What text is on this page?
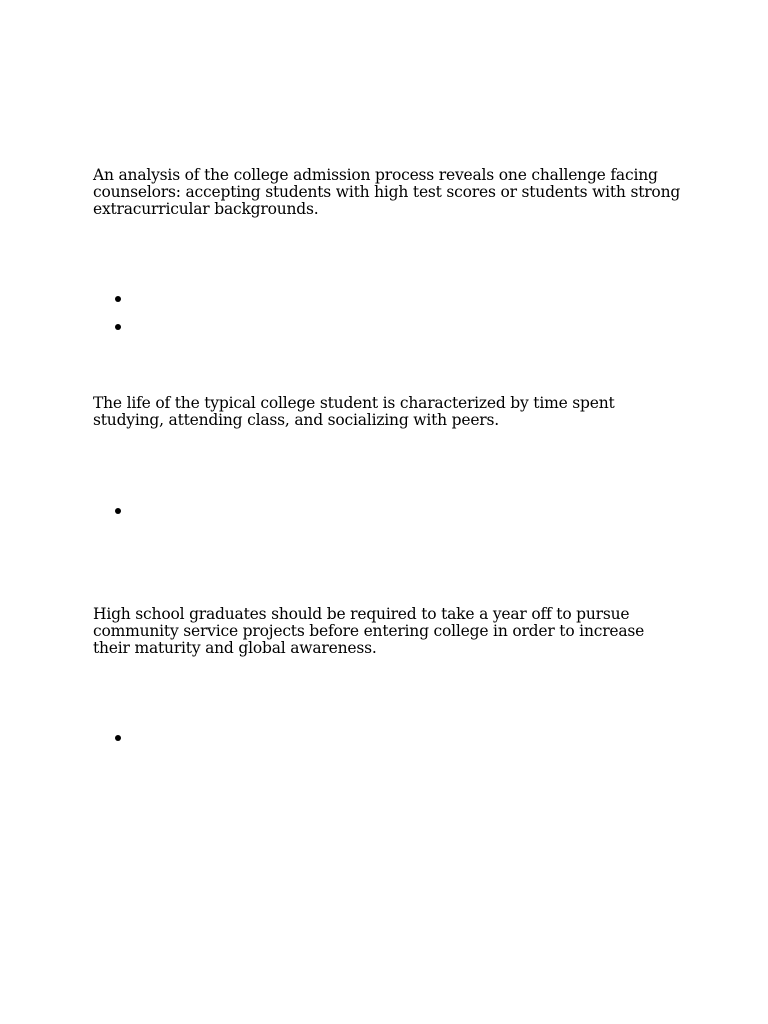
An analysis of the college admission process reveals one challenge facing counselors: accepting students with high test scores or students with strong extracurricular backgrounds.

The life of the typical college student is characterized by time spent studying, attending class, and socializing with peers.

High school graduates should be required to take a year off to pursue community service projects before entering college in order to increase their maturity and global awareness.
